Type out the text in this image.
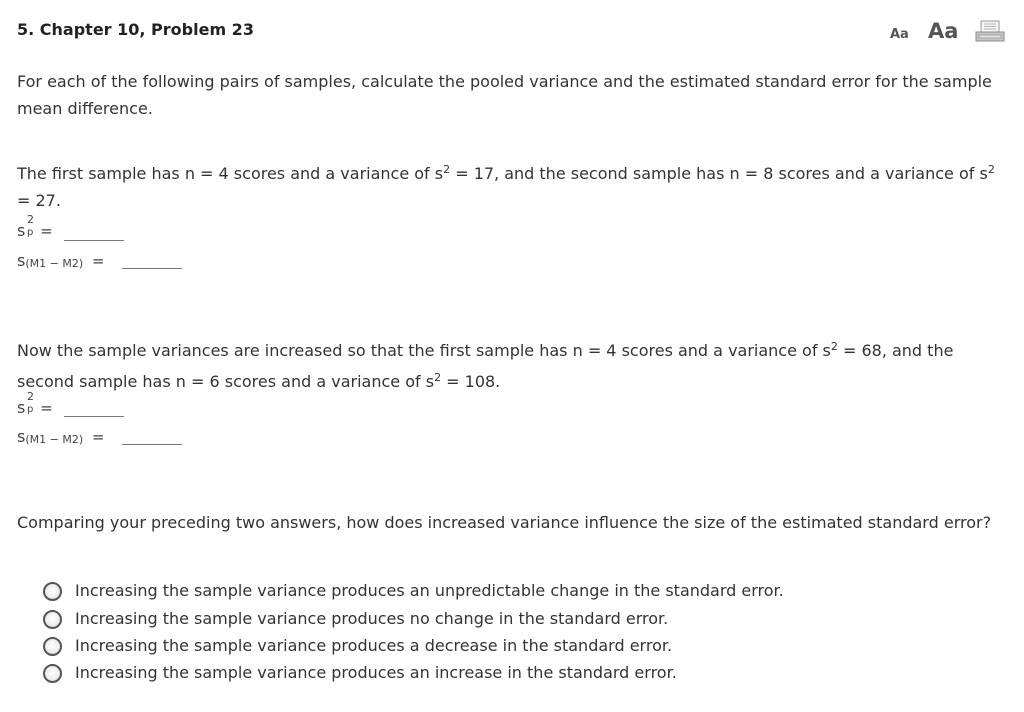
5. Chapter 10, Problem 23	Aa Aa
For each of the following pairs of samples, calculate the pooled variance and the estimated standard error for the sample mean difference.
The first sample has n = 4 scores and a variance of $s^2 = 17$, and the second sample has n = 8 scores and a variance of $s^2 = 27$.
s
2
p =
s(M1 − M2) =
Now the sample variances are increased so that the first sample has n = 4 scores and a variance of $s^2 = 68$, and the second sample has n = 6 scores and a variance of $s^2 = 108$.
s
2
p =
s(M1 − M2) =
Comparing your preceding two answers, how does increased variance influence the size of the estimated standard error?
Increasing the sample variance produces an unpredictable change in the standard error.
Increasing the sample variance produces no change in the standard error.
Increasing the sample variance produces a decrease in the standard error.
Increasing the sample variance produces an increase in the standard error.
